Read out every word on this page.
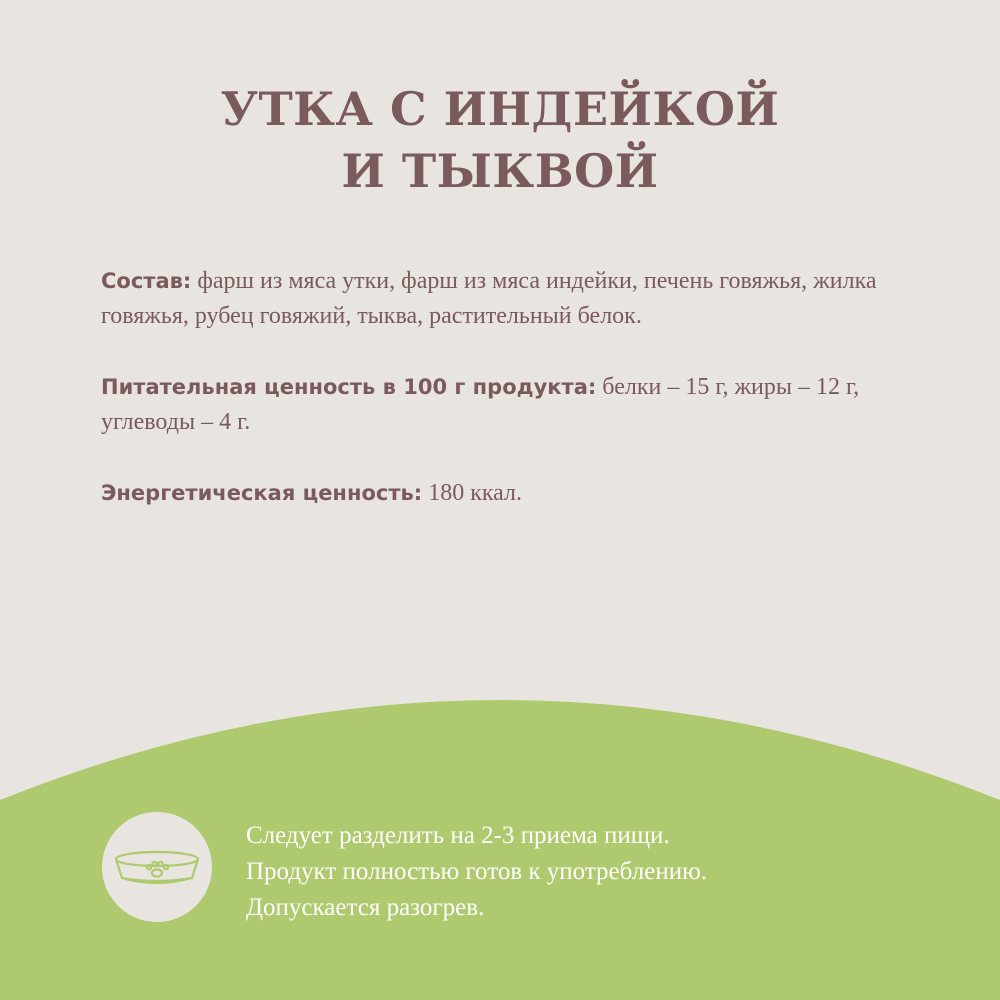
УТКА С ИНДЕЙКОЙ
И ТЫКВОЙ

Состав: фарш из мяса утки, фарш из мяса индейки, печень говяжья, жилка говяжья, рубец говяжий, тыква, растительный белок.

Питательная ценность в 100 г продукта: белки – 15 г, жиры – 12 г, углеводы – 4 г.

Энергетическая ценность: 180 ккал.

Следует разделить на 2-3 приема пищи.
Продукт полностью готов к употреблению.
Допускается разогрев.
